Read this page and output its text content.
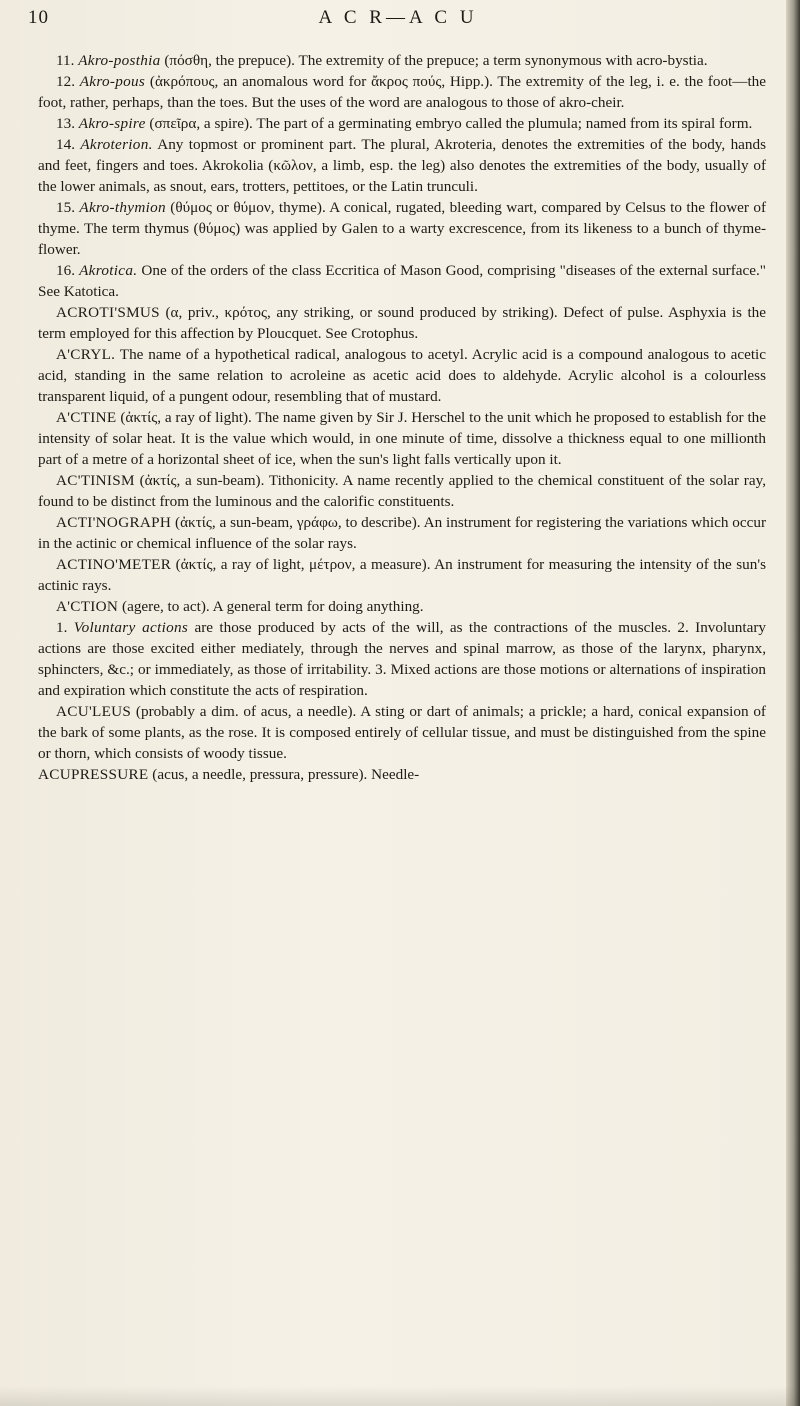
10	A C R—A C U

11. Akro-posthia (πόσθη, the prepuce). The extremity of the prepuce; a term synonymous with acro-bystia.

12. Akro-pous (ἀκρόπους, an anomalous word for ἄκρος πούς, Hipp.). The extremity of the leg, i. e. the foot—the foot, rather, perhaps, than the toes. But the uses of the word are analogous to those of akro-cheir.

13. Akro-spire (σπεῖρα, a spire). The part of a germinating embryo called the plumula; named from its spiral form.

14. Akroterion. Any topmost or prominent part. The plural, Akroteria, denotes the extremities of the body, hands and feet, fingers and toes. Akrokolia (κῶλον, a limb, esp. the leg) also denotes the extremities of the body, usually of the lower animals, as snout, ears, trotters, pettitoes, or the Latin trunculi.

15. Akro-thymion (θύμος or θύμον, thyme). A conical, rugated, bleeding wart, compared by Celsus to the flower of thyme. The term thymus (θύμος) was applied by Galen to a warty excrescence, from its likeness to a bunch of thyme-flower.

16. Akrotica. One of the orders of the class Eccritica of Mason Good, comprising "diseases of the external surface." See Katotica.

ACROTI'SMUS (α, priv., κρότος, any striking, or sound produced by striking). Defect of pulse. Asphyxia is the term employed for this affection by Ploucquet. See Crotophus.

A'CRYL. The name of a hypothetical radical, analogous to acetyl. Acrylic acid is a compound analogous to acetic acid, standing in the same relation to acroleine as acetic acid does to aldehyde. Acrylic alcohol is a colourless transparent liquid, of a pungent odour, resembling that of mustard.

A'CTINE (ἀκτίς, a ray of light). The name given by Sir J. Herschel to the unit which he proposed to establish for the intensity of solar heat. It is the value which would, in one minute of time, dissolve a thickness equal to one millionth part of a metre of a horizontal sheet of ice, when the sun's light falls vertically upon it.

AC'TINISM (ἀκτίς, a sun-beam). Tithonicity. A name recently applied to the chemical constituent of the solar ray, found to be distinct from the luminous and the calorific constituents.

ACTI'NOGRAPH (ἀκτίς, a sun-beam, γράφω, to describe). An instrument for registering the variations which occur in the actinic or chemical influence of the solar rays.

ACTINO'METER (ἀκτίς, a ray of light, μέτρον, a measure). An instrument for measuring the intensity of the sun's actinic rays.

A'CTION (agere, to act). A general term for doing anything.

1. Voluntary actions are those produced by acts of the will, as the contractions of the muscles. 2. Involuntary actions are those excited either mediately, through the nerves and spinal marrow, as those of the larynx, pharynx, sphincters, &c.; or immediately, as those of irritability. 3. Mixed actions are those motions or alternations of inspiration and expiration which constitute the acts of respiration.

ACU'LEUS (probably a dim. of acus, a needle). A sting or dart of animals; a prickle; a hard, conical expansion of the bark of some plants, as the rose. It is composed entirely of cellular tissue, and must be distinguished from the spine or thorn, which consists of woody tissue.

ACUPRESSURE (acus, a needle, pressura, pressure). Needle-
